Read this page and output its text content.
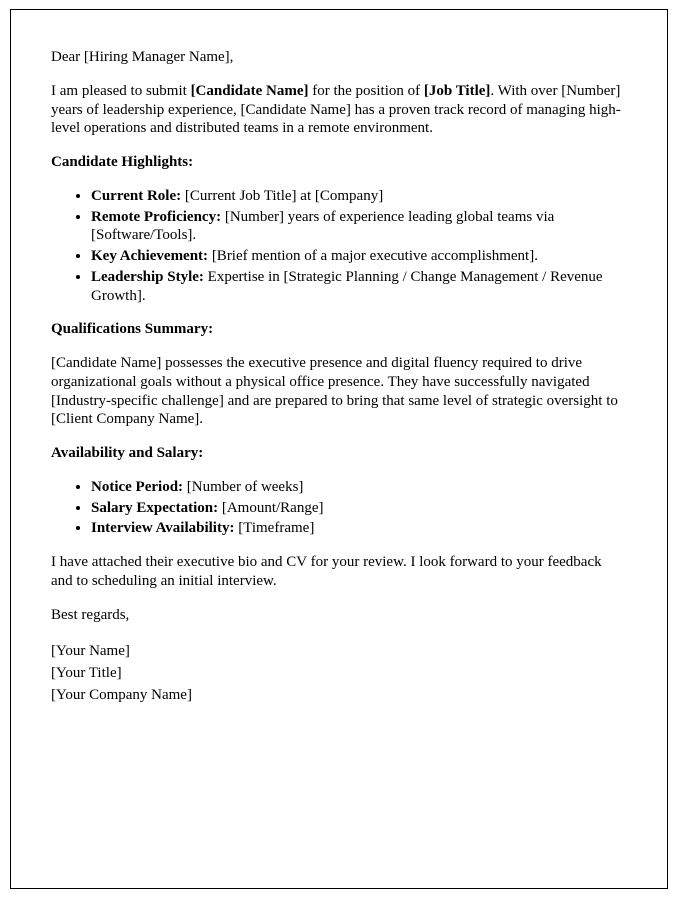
Dear [Hiring Manager Name],

I am pleased to submit [Candidate Name] for the position of [Job Title]. With over [Number] years of leadership experience, [Candidate Name] has a proven track record of managing high-level operations and distributed teams in a remote environment.

Candidate Highlights:

• Current Role: [Current Job Title] at [Company]
• Remote Proficiency: [Number] years of experience leading global teams via [Software/Tools].
• Key Achievement: [Brief mention of a major executive accomplishment].
• Leadership Style: Expertise in [Strategic Planning / Change Management / Revenue Growth].

Qualifications Summary:

[Candidate Name] possesses the executive presence and digital fluency required to drive organizational goals without a physical office presence. They have successfully navigated [Industry-specific challenge] and are prepared to bring that same level of strategic oversight to [Client Company Name].

Availability and Salary:

• Notice Period: [Number of weeks]
• Salary Expectation: [Amount/Range]
• Interview Availability: [Timeframe]

I have attached their executive bio and CV for your review. I look forward to your feedback and to scheduling an initial interview.

Best regards,

[Your Name]

[Your Title]

[Your Company Name]
